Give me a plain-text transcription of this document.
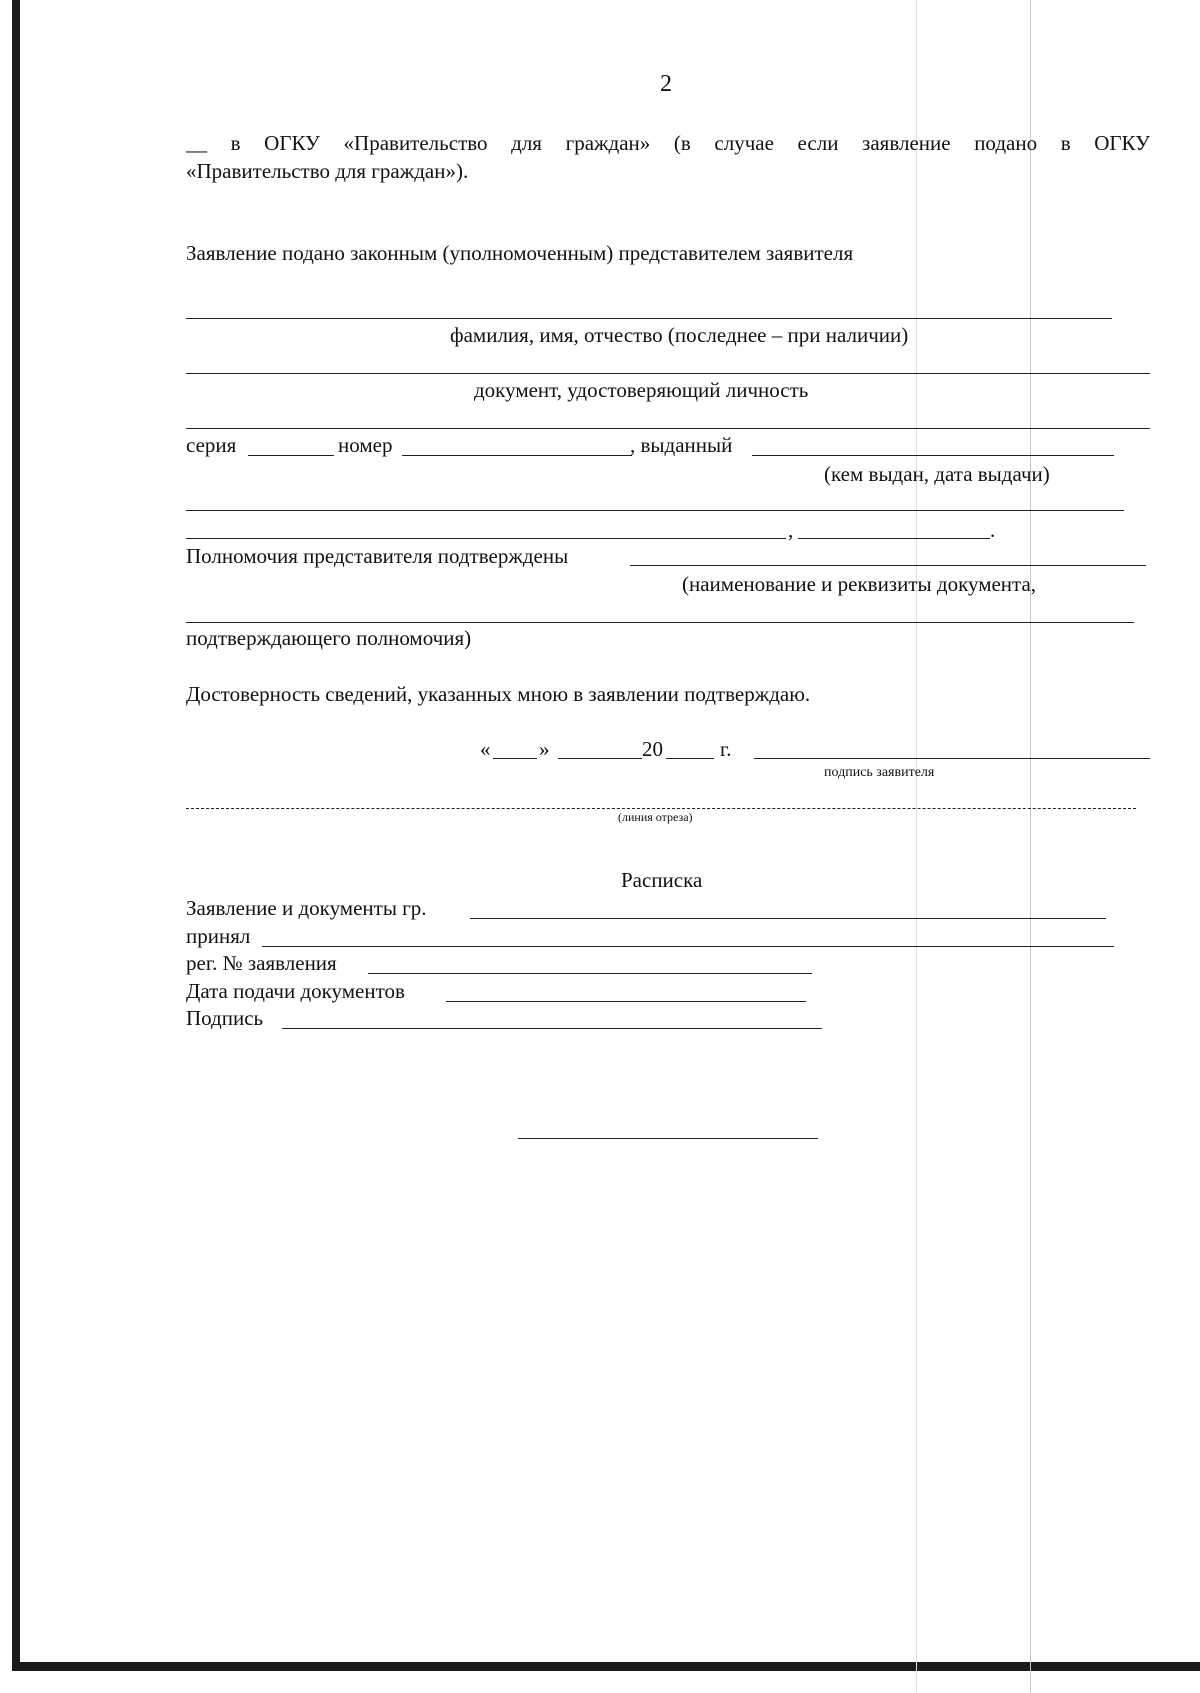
2
__ в ОГКУ «Правительство для граждан» (в случае если заявление подано в ОГКУ
«Правительство для граждан»).
Заявление подано законным (уполномоченным) представителем заявителя
фамилия, имя, отчество (последнее – при наличии)
документ, удостоверяющий личность
серия	номер	, выданный
(кем выдан, дата выдачи)
,	.
Полномочия представителя подтверждены
(наименование и реквизиты документа,
подтверждающего полномочия)
Достоверность сведений, указанных мною в заявлении подтверждаю.
« »	20	г.
подпись заявителя
(линия отреза)
Расписка
Заявление и документы гр.
принял
рег. № заявления
Дата подачи документов
Подпись
